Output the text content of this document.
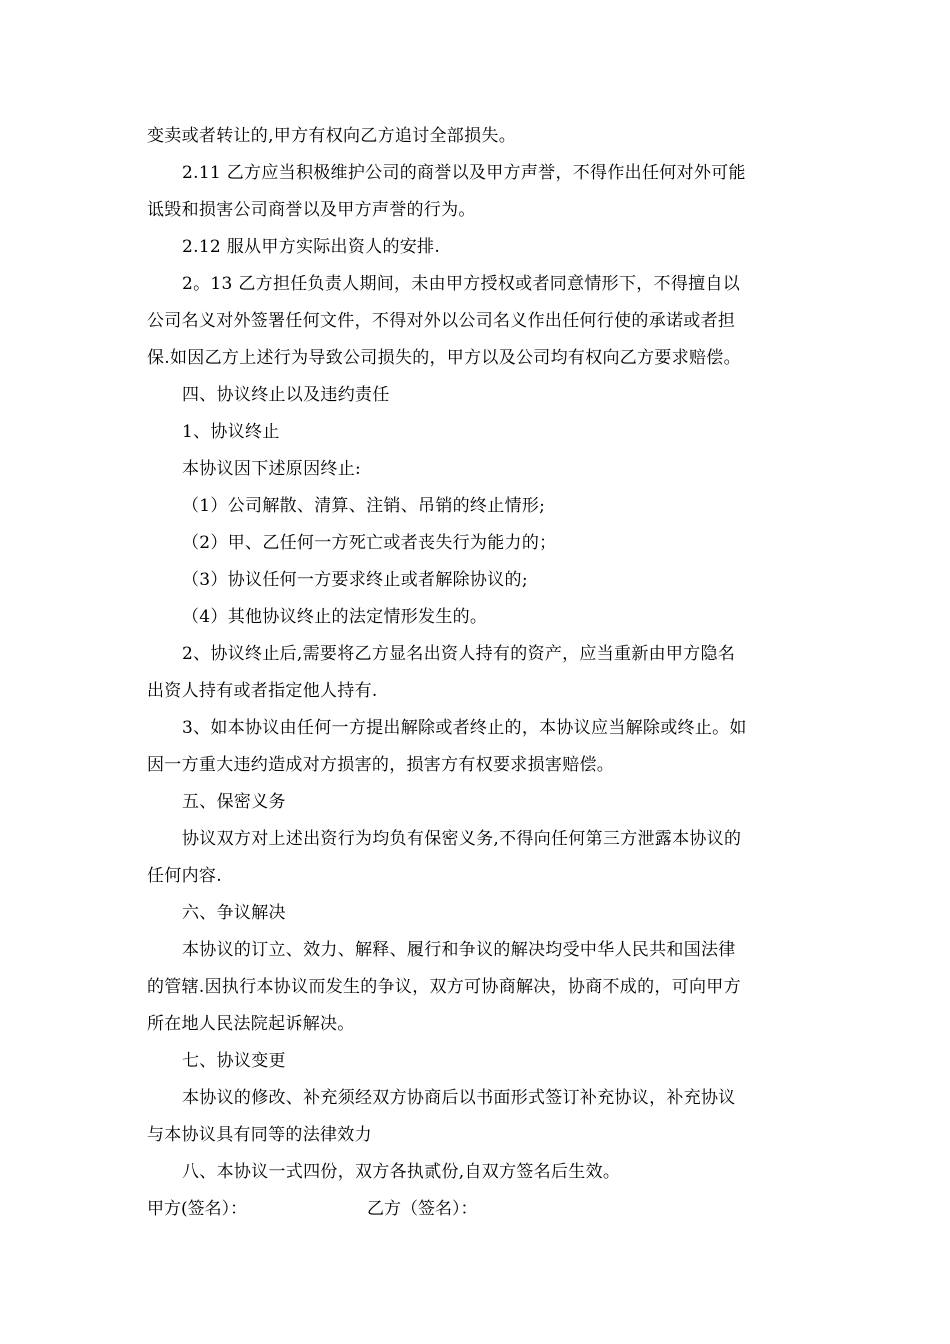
变卖或者转让的,甲方有权向乙方追讨全部损失。
2.11 乙方应当积极维护公司的商誉以及甲方声誉，不得作出任何对外可能
诋毁和损害公司商誉以及甲方声誉的行为。
2.12 服从甲方实际出资人的安排.
2。13 乙方担任负责人期间，未由甲方授权或者同意情形下，不得擅自以
公司名义对外签署任何文件，不得对外以公司名义作出任何行使的承诺或者担
保.如因乙方上述行为导致公司损失的，甲方以及公司均有权向乙方要求赔偿。
四、协议终止以及违约责任
1、协议终止
本协议因下述原因终止:
（1）公司解散、清算、注销、吊销的终止情形;
（2）甲、乙任何一方死亡或者丧失行为能力的；
（3）协议任何一方要求终止或者解除协议的;
（4）其他协议终止的法定情形发生的。
2、协议终止后,需要将乙方显名出资人持有的资产，应当重新由甲方隐名
出资人持有或者指定他人持有.
3、如本协议由任何一方提出解除或者终止的，本协议应当解除或终止。如
因一方重大违约造成对方损害的，损害方有权要求损害赔偿。
五、保密义务
协议双方对上述出资行为均负有保密义务,不得向任何第三方泄露本协议的
任何内容.
六、争议解决
本协议的订立、效力、解释、履行和争议的解决均受中华人民共和国法律
的管辖.因执行本协议而发生的争议，双方可协商解决，协商不成的，可向甲方
所在地人民法院起诉解决。
七、协议变更
本协议的修改、补充须经双方协商后以书面形式签订补充协议，补充协议
与本协议具有同等的法律效力
八、本协议一式四份，双方各执贰份,自双方签名后生效。
甲方(签名）：	乙方（签名）：
